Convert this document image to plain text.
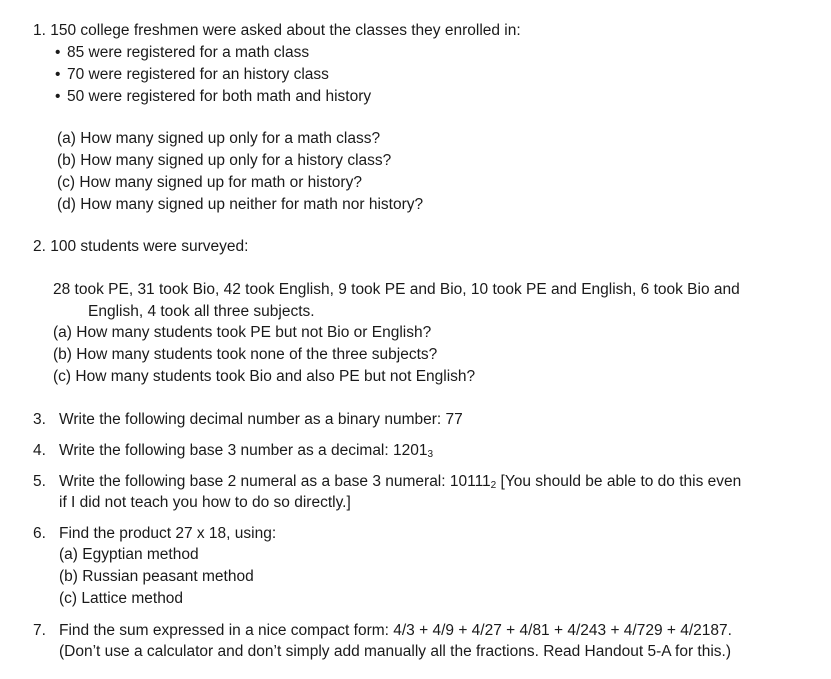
1. 150 college freshmen were asked about the classes they enrolled in:
• 85 were registered for a math class
• 70 were registered for an history class
• 50 were registered for both math and history
(a) How many signed up only for a math class?
(b) How many signed up only for a history class?
(c) How many signed up for math or history?
(d) How many signed up neither for math nor history?
2. 100 students were surveyed:
28 took PE, 31 took Bio, 42 took English, 9 took PE and Bio, 10 took PE and English, 6 took Bio and
English, 4 took all three subjects.
(a) How many students took PE but not Bio or English?
(b) How many students took none of the three subjects?
(c) How many students took Bio and also PE but not English?
3. Write the following decimal number as a binary number: 77
4. Write the following base 3 number as a decimal: $1201_3$
5. Write the following base 2 numeral as a base 3 numeral: $10111_2$ [You should be able to do this even
if I did not teach you how to do so directly.]
6. Find the product 27 x 18, using:
(a) Egyptian method
(b) Russian peasant method
(c) Lattice method
7. Find the sum expressed in a nice compact form: 4/3 + 4/9 + 4/27 + 4/81 + 4/243 + 4/729 + 4/2187.
(Don’t use a calculator and don’t simply add manually all the fractions. Read Handout 5-A for this.)
